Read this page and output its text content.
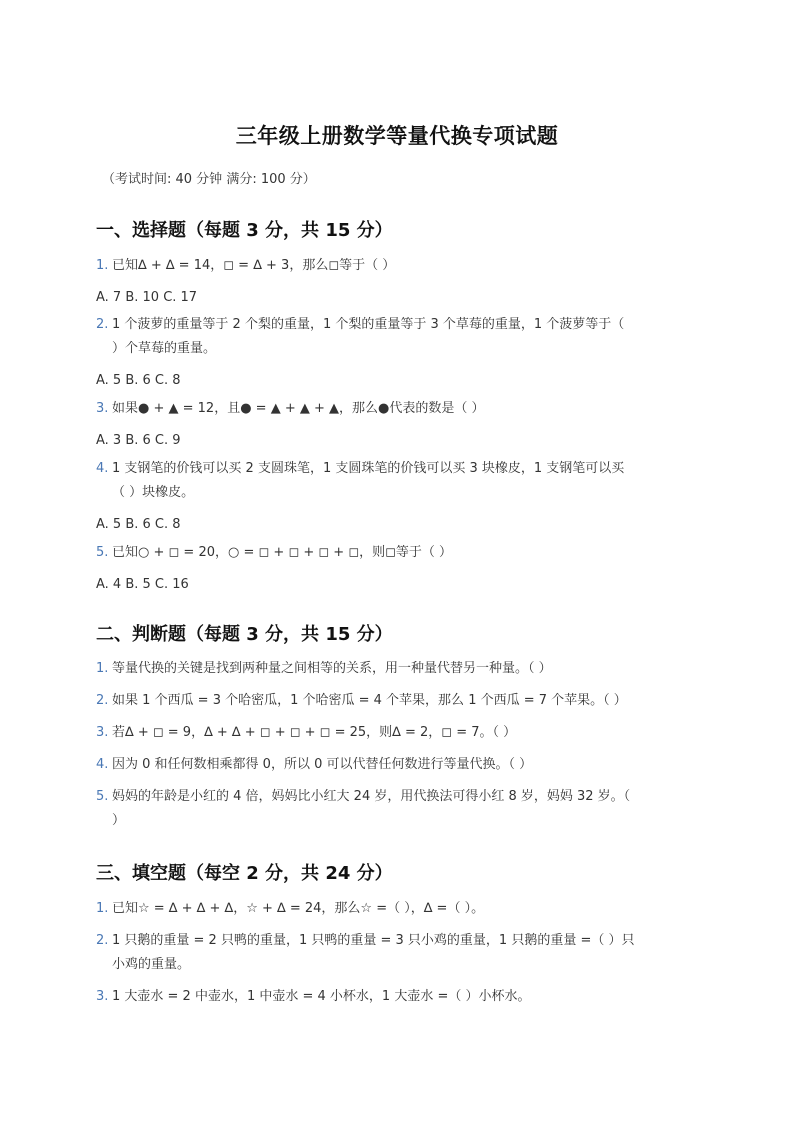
三年级上册数学等量代换专项试题
（考试时间: 40 分钟 满分: 100 分）
一、选择题（每题 3 分，共 15 分）
1. 已知∆ + ∆ = 14，◻ = ∆ + 3，那么◻等于（ ）
A. 7 B. 10 C. 17
2. 1 个菠萝的重量等于 2 个梨的重量，1 个梨的重量等于 3 个草莓的重量，1 个菠萝等于（
）个草莓的重量。
A. 5 B. 6 C. 8
3. 如果● + ▲ = 12，且● = ▲ + ▲ + ▲，那么●代表的数是（ ）
A. 3 B. 6 C. 9
4. 1 支钢笔的价钱可以买 2 支圆珠笔，1 支圆珠笔的价钱可以买 3 块橡皮，1 支钢笔可以买
（ ）块橡皮。
A. 5 B. 6 C. 8
5. 已知○ + ◻ = 20，○ = ◻ + ◻ + ◻ + ◻，则◻等于（ ）
A. 4 B. 5 C. 16
二、判断题（每题 3 分，共 15 分）
1. 等量代换的关键是找到两种量之间相等的关系，用一种量代替另一种量。（ ）
2. 如果 1 个西瓜 = 3 个哈密瓜，1 个哈密瓜 = 4 个苹果，那么 1 个西瓜 = 7 个苹果。（ ）
3. 若∆ + ◻ = 9，∆ + ∆ + ◻ + ◻ + ◻ = 25，则∆ = 2，◻ = 7。（ ）
4. 因为 0 和任何数相乘都得 0，所以 0 可以代替任何数进行等量代换。（ ）
5. 妈妈的年龄是小红的 4 倍，妈妈比小红大 24 岁，用代换法可得小红 8 岁，妈妈 32 岁。（
）
三、填空题（每空 2 分，共 24 分）
1. 已知☆ = ∆ + ∆ + ∆，☆ + ∆ = 24，那么☆ =（ ），∆ =（ ）。
2. 1 只鹅的重量 = 2 只鸭的重量，1 只鸭的重量 = 3 只小鸡的重量，1 只鹅的重量 =（ ）只
小鸡的重量。
3. 1 大壶水 = 2 中壶水，1 中壶水 = 4 小杯水，1 大壶水 =（ ）小杯水。
